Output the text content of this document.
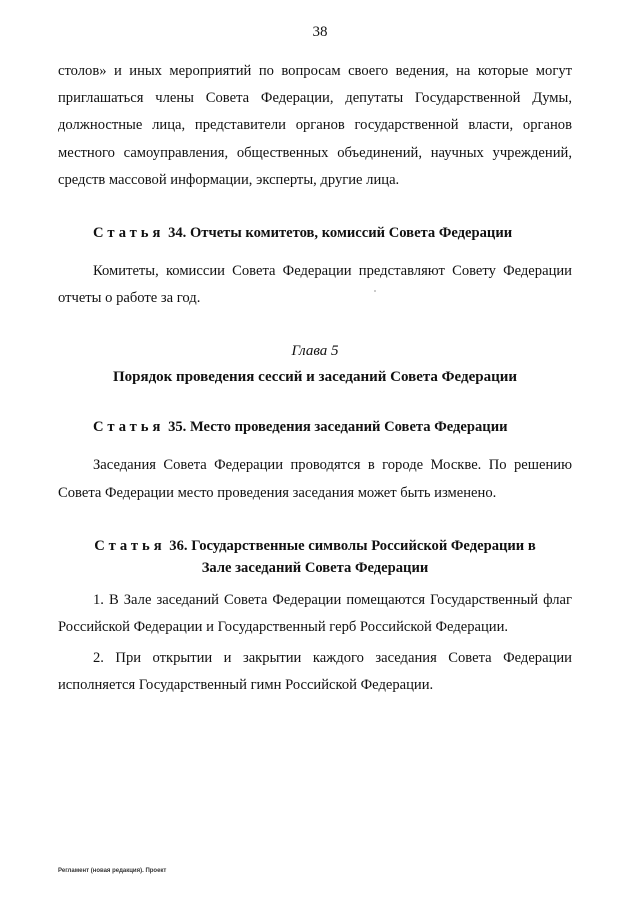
38

столов» и иных мероприятий по вопросам своего ведения, на которые могут приглашаться члены Совета Федерации, депутаты Государственной Думы, должностные лица, представители органов государственной власти, органов местного самоуправления, общественных объединений, научных учреждений, средств массовой информации, эксперты, другие лица.

Статья 34. Отчеты комитетов, комиссий Совета Федерации

Комитеты, комиссии Совета Федерации представляют Совету Федерации отчеты о работе за год.

Глава 5

Порядок проведения сессий и заседаний Совета Федерации

Статья 35. Место проведения заседаний Совета Федерации

Заседания Совета Федерации проводятся в городе Москве. По решению Совета Федерации место проведения заседания может быть изменено.

Статья 36. Государственные символы Российской Федерации в
Зале заседаний Совета Федерации

1. В Зале заседаний Совета Федерации помещаются Государственный флаг Российской Федерации и Государственный герб Российской Федерации.

2. При открытии и закрытии каждого заседания Совета Федерации исполняется Государственный гимн Российской Федерации.

Регламент (новая редакция). Проект
